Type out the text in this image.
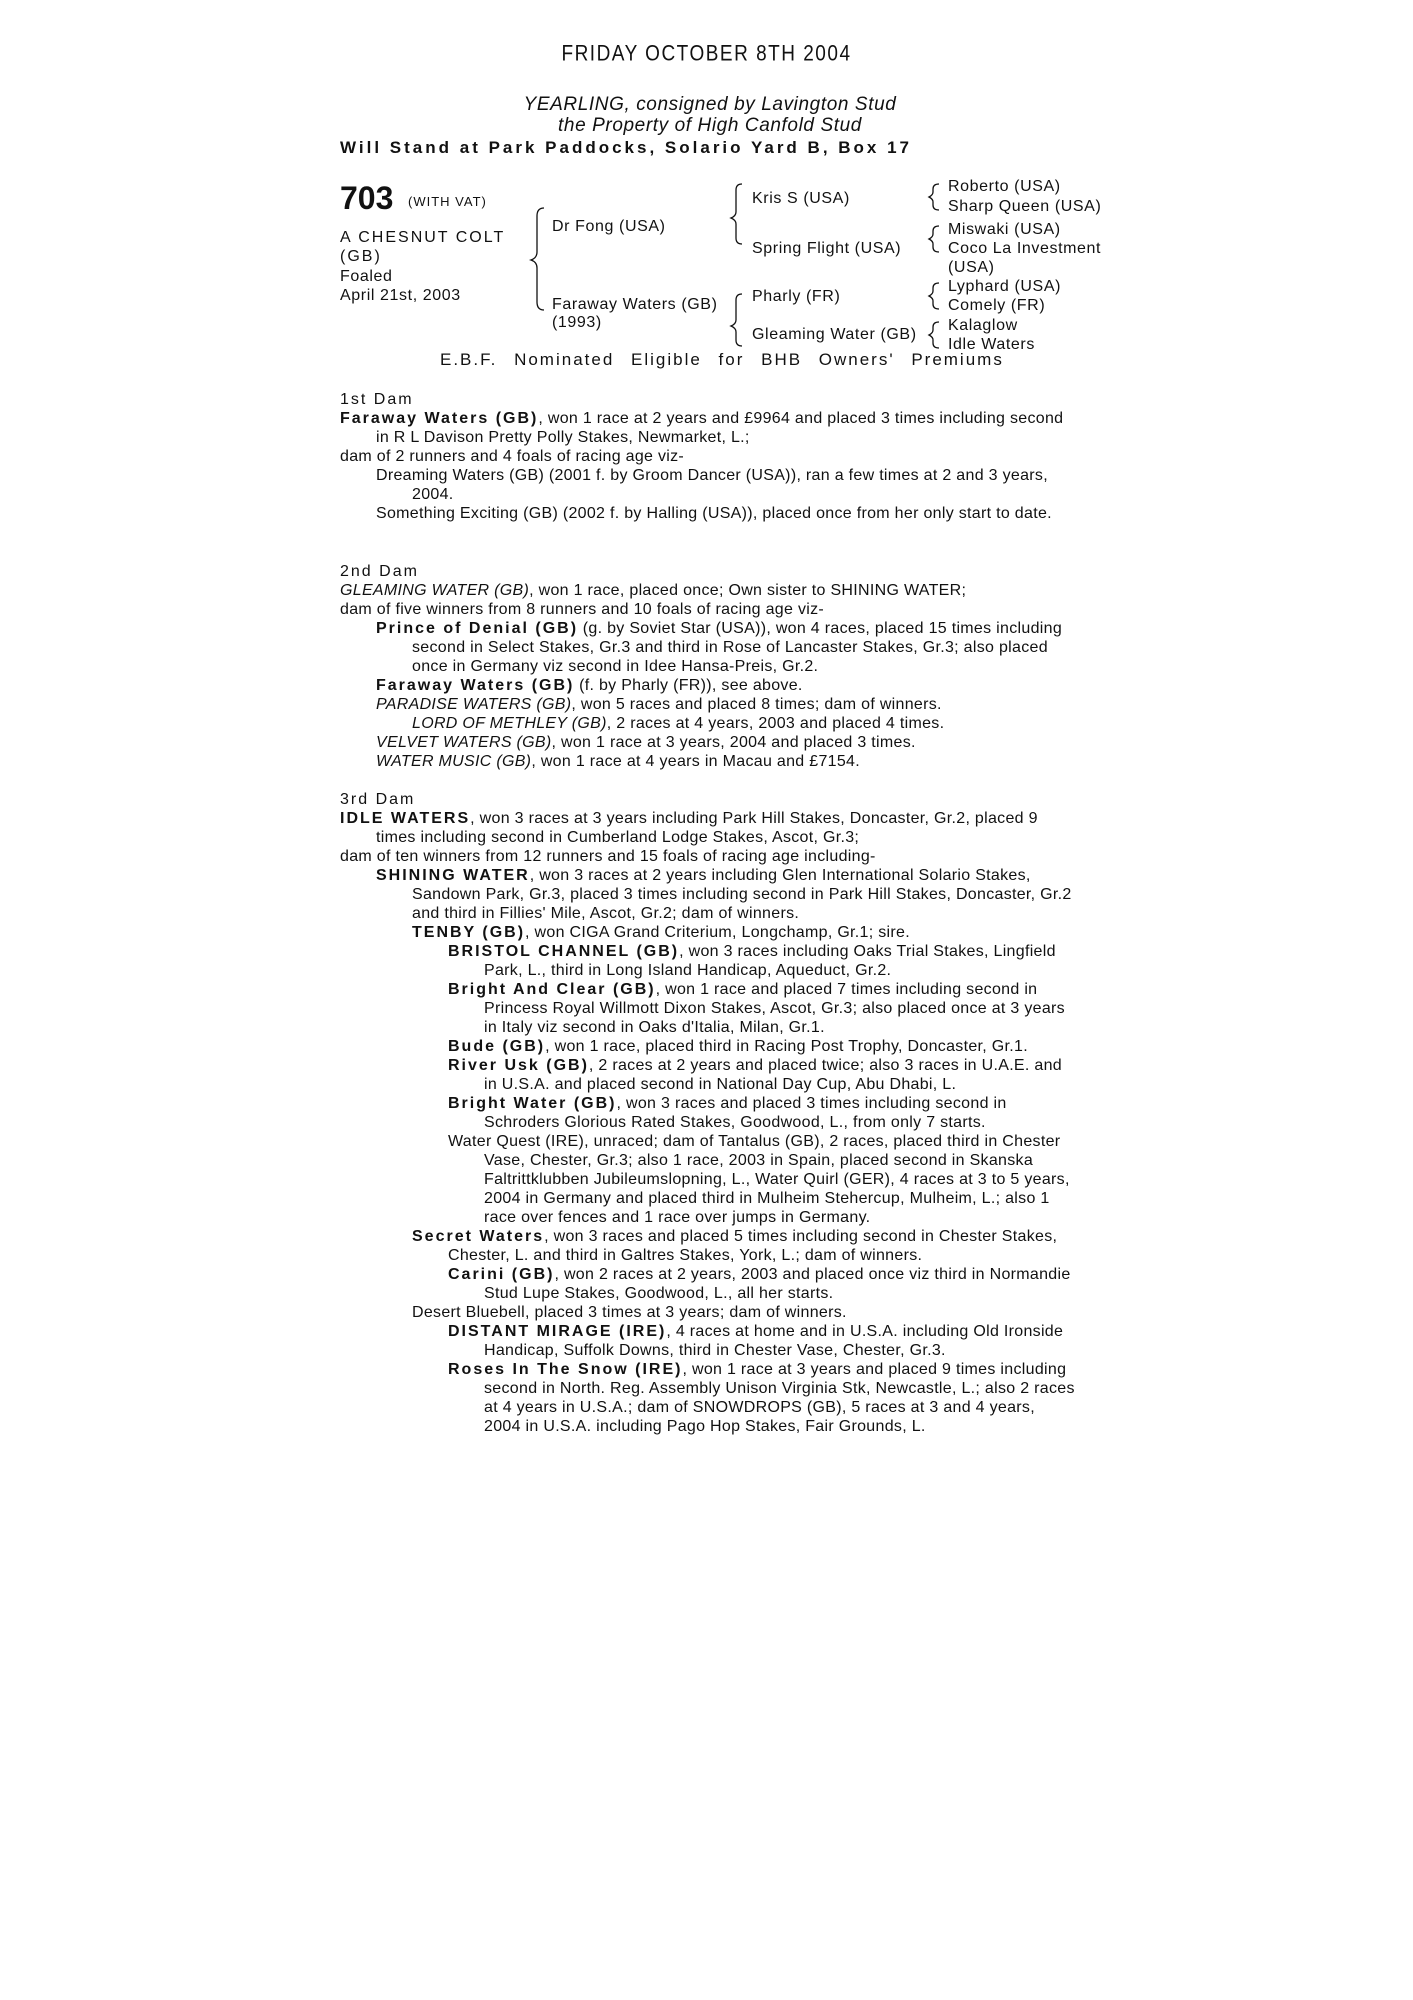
FRIDAY OCTOBER 8TH 2004
YEARLING, consigned by Lavington Stud
the Property of High Canfold Stud
Will Stand at Park Paddocks, Solario Yard B, Box 17
703 (WITH VAT)
A CHESNUT COLT
(GB)
Foaled
April 21st, 2003
Dr Fong (USA)
Faraway Waters (GB)
(1993)
Kris S (USA)
Spring Flight (USA)
Pharly (FR)
Gleaming Water (GB)
Roberto (USA)
Sharp Queen (USA)
Miswaki (USA)
Coco La Investment
(USA)
Lyphard (USA)
Comely (FR)
Kalaglow
Idle Waters
E.B.F. Nominated Eligible for BHB Owners' Premiums

1st Dam

Faraway Waters (GB), won 1 race at 2 years and £9964 and placed 3 times including second in R L Davison Pretty Polly Stakes, Newmarket, L.;

dam of 2 runners and 4 foals of racing age viz-

Dreaming Waters (GB) (2001 f. by Groom Dancer (USA)), ran a few times at 2 and 3 years, 2004.

Something Exciting (GB) (2002 f. by Halling (USA)), placed once from her only start to date.

2nd Dam

GLEAMING WATER (GB), won 1 race, placed once; Own sister to SHINING WATER;

dam of five winners from 8 runners and 10 foals of racing age viz-

Prince of Denial (GB) (g. by Soviet Star (USA)), won 4 races, placed 15 times including second in Select Stakes, Gr.3 and third in Rose of Lancaster Stakes, Gr.3; also placed once in Germany viz second in Idee Hansa-Preis, Gr.2.

Faraway Waters (GB) (f. by Pharly (FR)), see above.

PARADISE WATERS (GB), won 5 races and placed 8 times; dam of winners.

LORD OF METHLEY (GB), 2 races at 4 years, 2003 and placed 4 times.

VELVET WATERS (GB), won 1 race at 3 years, 2004 and placed 3 times.

WATER MUSIC (GB), won 1 race at 4 years in Macau and £7154.

3rd Dam

IDLE WATERS, won 3 races at 3 years including Park Hill Stakes, Doncaster, Gr.2, placed 9 times including second in Cumberland Lodge Stakes, Ascot, Gr.3;

dam of ten winners from 12 runners and 15 foals of racing age including-

SHINING WATER, won 3 races at 2 years including Glen International Solario Stakes, Sandown Park, Gr.3, placed 3 times including second in Park Hill Stakes, Doncaster, Gr.2 and third in Fillies' Mile, Ascot, Gr.2; dam of winners.

TENBY (GB), won CIGA Grand Criterium, Longchamp, Gr.1; sire.

BRISTOL CHANNEL (GB), won 3 races including Oaks Trial Stakes, Lingfield Park, L., third in Long Island Handicap, Aqueduct, Gr.2.

Bright And Clear (GB), won 1 race and placed 7 times including second in Princess Royal Willmott Dixon Stakes, Ascot, Gr.3; also placed once at 3 years in Italy viz second in Oaks d'Italia, Milan, Gr.1.

Bude (GB), won 1 race, placed third in Racing Post Trophy, Doncaster, Gr.1.

River Usk (GB), 2 races at 2 years and placed twice; also 3 races in U.A.E. and in U.S.A. and placed second in National Day Cup, Abu Dhabi, L.

Bright Water (GB), won 3 races and placed 3 times including second in Schroders Glorious Rated Stakes, Goodwood, L., from only 7 starts.

Water Quest (IRE), unraced; dam of Tantalus (GB), 2 races, placed third in Chester Vase, Chester, Gr.3; also 1 race, 2003 in Spain, placed second in Skanska Faltrittklubben Jubileumslopning, L., Water Quirl (GER), 4 races at 3 to 5 years, 2004 in Germany and placed third in Mulheim Stehercup, Mulheim, L.; also 1 race over fences and 1 race over jumps in Germany.

Secret Waters, won 3 races and placed 5 times including second in Chester Stakes, Chester, L. and third in Galtres Stakes, York, L.; dam of winners.

Carini (GB), won 2 races at 2 years, 2003 and placed once viz third in Normandie Stud Lupe Stakes, Goodwood, L., all her starts.

Desert Bluebell, placed 3 times at 3 years; dam of winners.

DISTANT MIRAGE (IRE), 4 races at home and in U.S.A. including Old Ironside Handicap, Suffolk Downs, third in Chester Vase, Chester, Gr.3.

Roses In The Snow (IRE), won 1 race at 3 years and placed 9 times including second in North. Reg. Assembly Unison Virginia Stk, Newcastle, L.; also 2 races at 4 years in U.S.A.; dam of SNOWDROPS (GB), 5 races at 3 and 4 years, 2004 in U.S.A. including Pago Hop Stakes, Fair Grounds, L.
